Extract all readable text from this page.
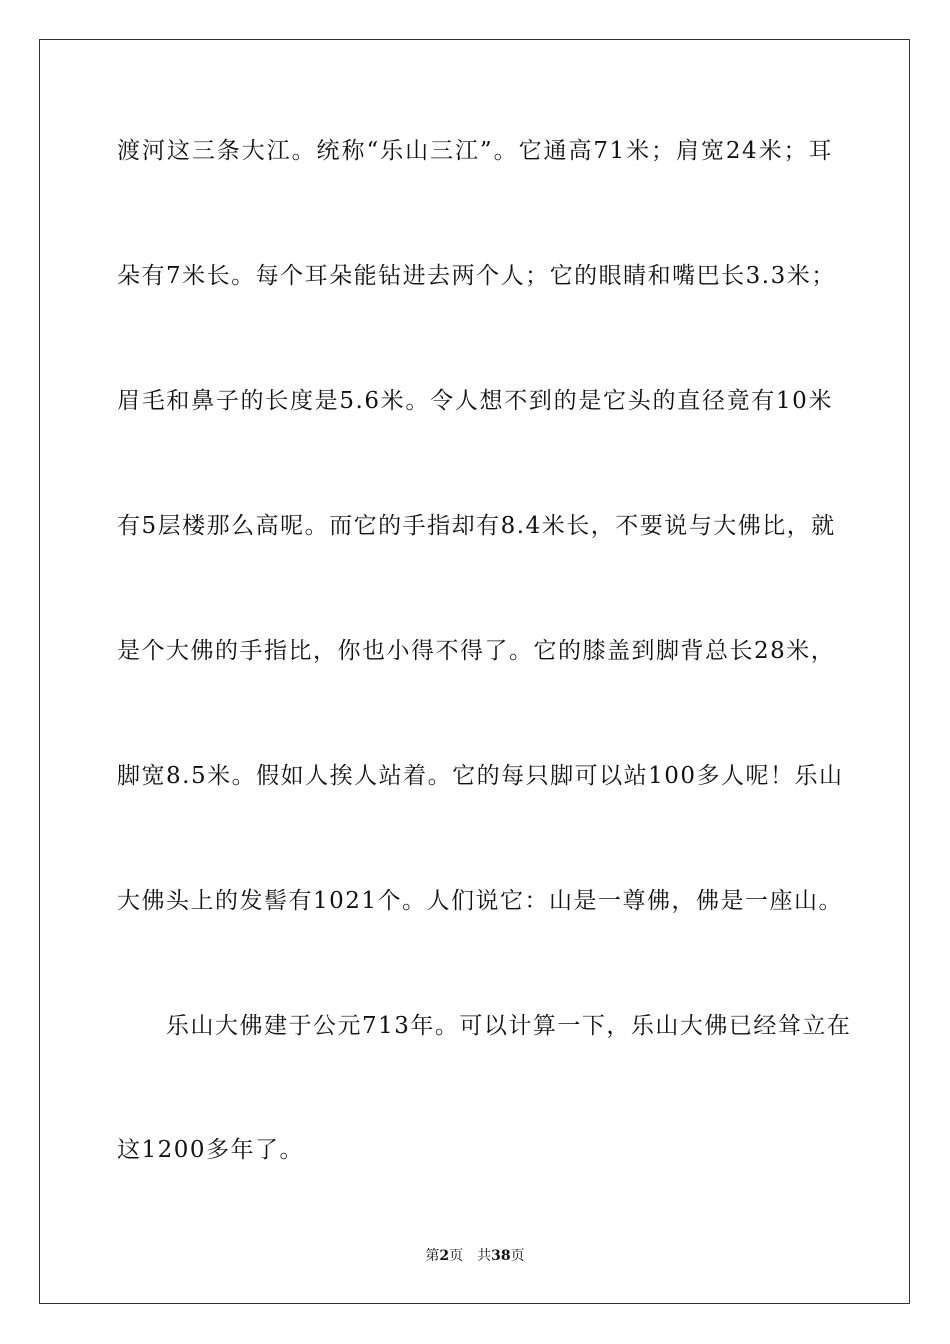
渡河这三条大江。统称“乐山三江”。它通高71米；肩宽24米；耳
朵有7米长。每个耳朵能钻进去两个人；它的眼睛和嘴巴长3.3米；
眉毛和鼻子的长度是5.6米。令人想不到的是它头的直径竟有10米
有5层楼那么高呢。而它的手指却有8.4米长，不要说与大佛比，就
是个大佛的手指比，你也小得不得了。它的膝盖到脚背总长28米，
脚宽8.5米。假如人挨人站着。它的每只脚可以站100多人呢！乐山
大佛头上的发髻有1021个。人们说它：山是一尊佛，佛是一座山。
　　乐山大佛建于公元713年。可以计算一下，乐山大佛已经耸立在
这1200多年了。
第2页　共38页
